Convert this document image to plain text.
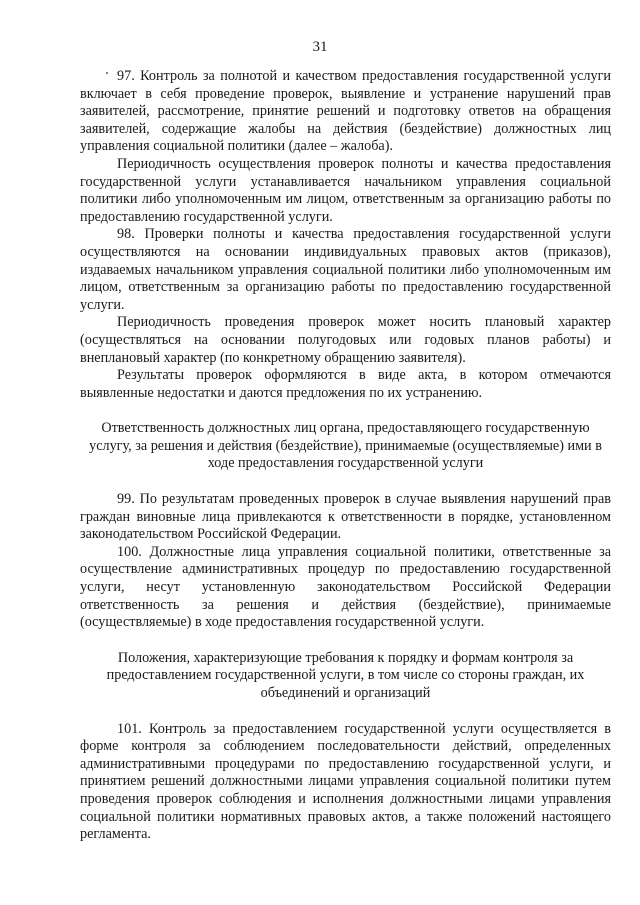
31

97. Контроль за полнотой и качеством предоставления государственной услуги включает в себя проведение проверок, выявление и устранение нарушений прав заявителей, рассмотрение, принятие решений и подготовку ответов на обращения заявителей, содержащие жалобы на действия (бездействие) должностных лиц управления социальной политики (далее – жалоба).

Периодичность осуществления проверок полноты и качества предоставления государственной услуги устанавливается начальником управления социальной политики либо уполномоченным им лицом, ответственным за организацию работы по предоставлению государственной услуги.

98. Проверки полноты и качества предоставления государственной услуги осуществляются на основании индивидуальных правовых актов (приказов), издаваемых начальником управления социальной политики либо уполномоченным им лицом, ответственным за организацию работы по предоставлению государственной услуги.

Периодичность проведения проверок может носить плановый характер (осуществляться на основании полугодовых или годовых планов работы) и внеплановый характер (по конкретному обращению заявителя).

Результаты проверок оформляются в виде акта, в котором отмечаются выявленные недостатки и даются предложения по их устранению.

Ответственность должностных лиц органа, предоставляющего государственную услугу, за решения и действия (бездействие), принимаемые (осуществляемые) ими в ходе предоставления государственной услуги

99. По результатам проведенных проверок в случае выявления нарушений прав граждан виновные лица привлекаются к ответственности в порядке, установленном законодательством Российской Федерации.

100. Должностные лица управления социальной политики, ответственные за осуществление административных процедур по предоставлению государственной услуги, несут установленную законодательством Российской Федерации ответственность за решения и действия (бездействие), принимаемые (осуществляемые) в ходе предоставления государственной услуги.

Положения, характеризующие требования к порядку и формам контроля за предоставлением государственной услуги, в том числе со стороны граждан, их объединений и организаций

101. Контроль за предоставлением государственной услуги осуществляется в форме контроля за соблюдением последовательности действий, определенных административными процедурами по предоставлению государственной услуги, и принятием решений должностными лицами управления социальной политики путем проведения проверок соблюдения и исполнения должностными лицами управления социальной политики нормативных правовых актов, а также положений настоящего регламента.
